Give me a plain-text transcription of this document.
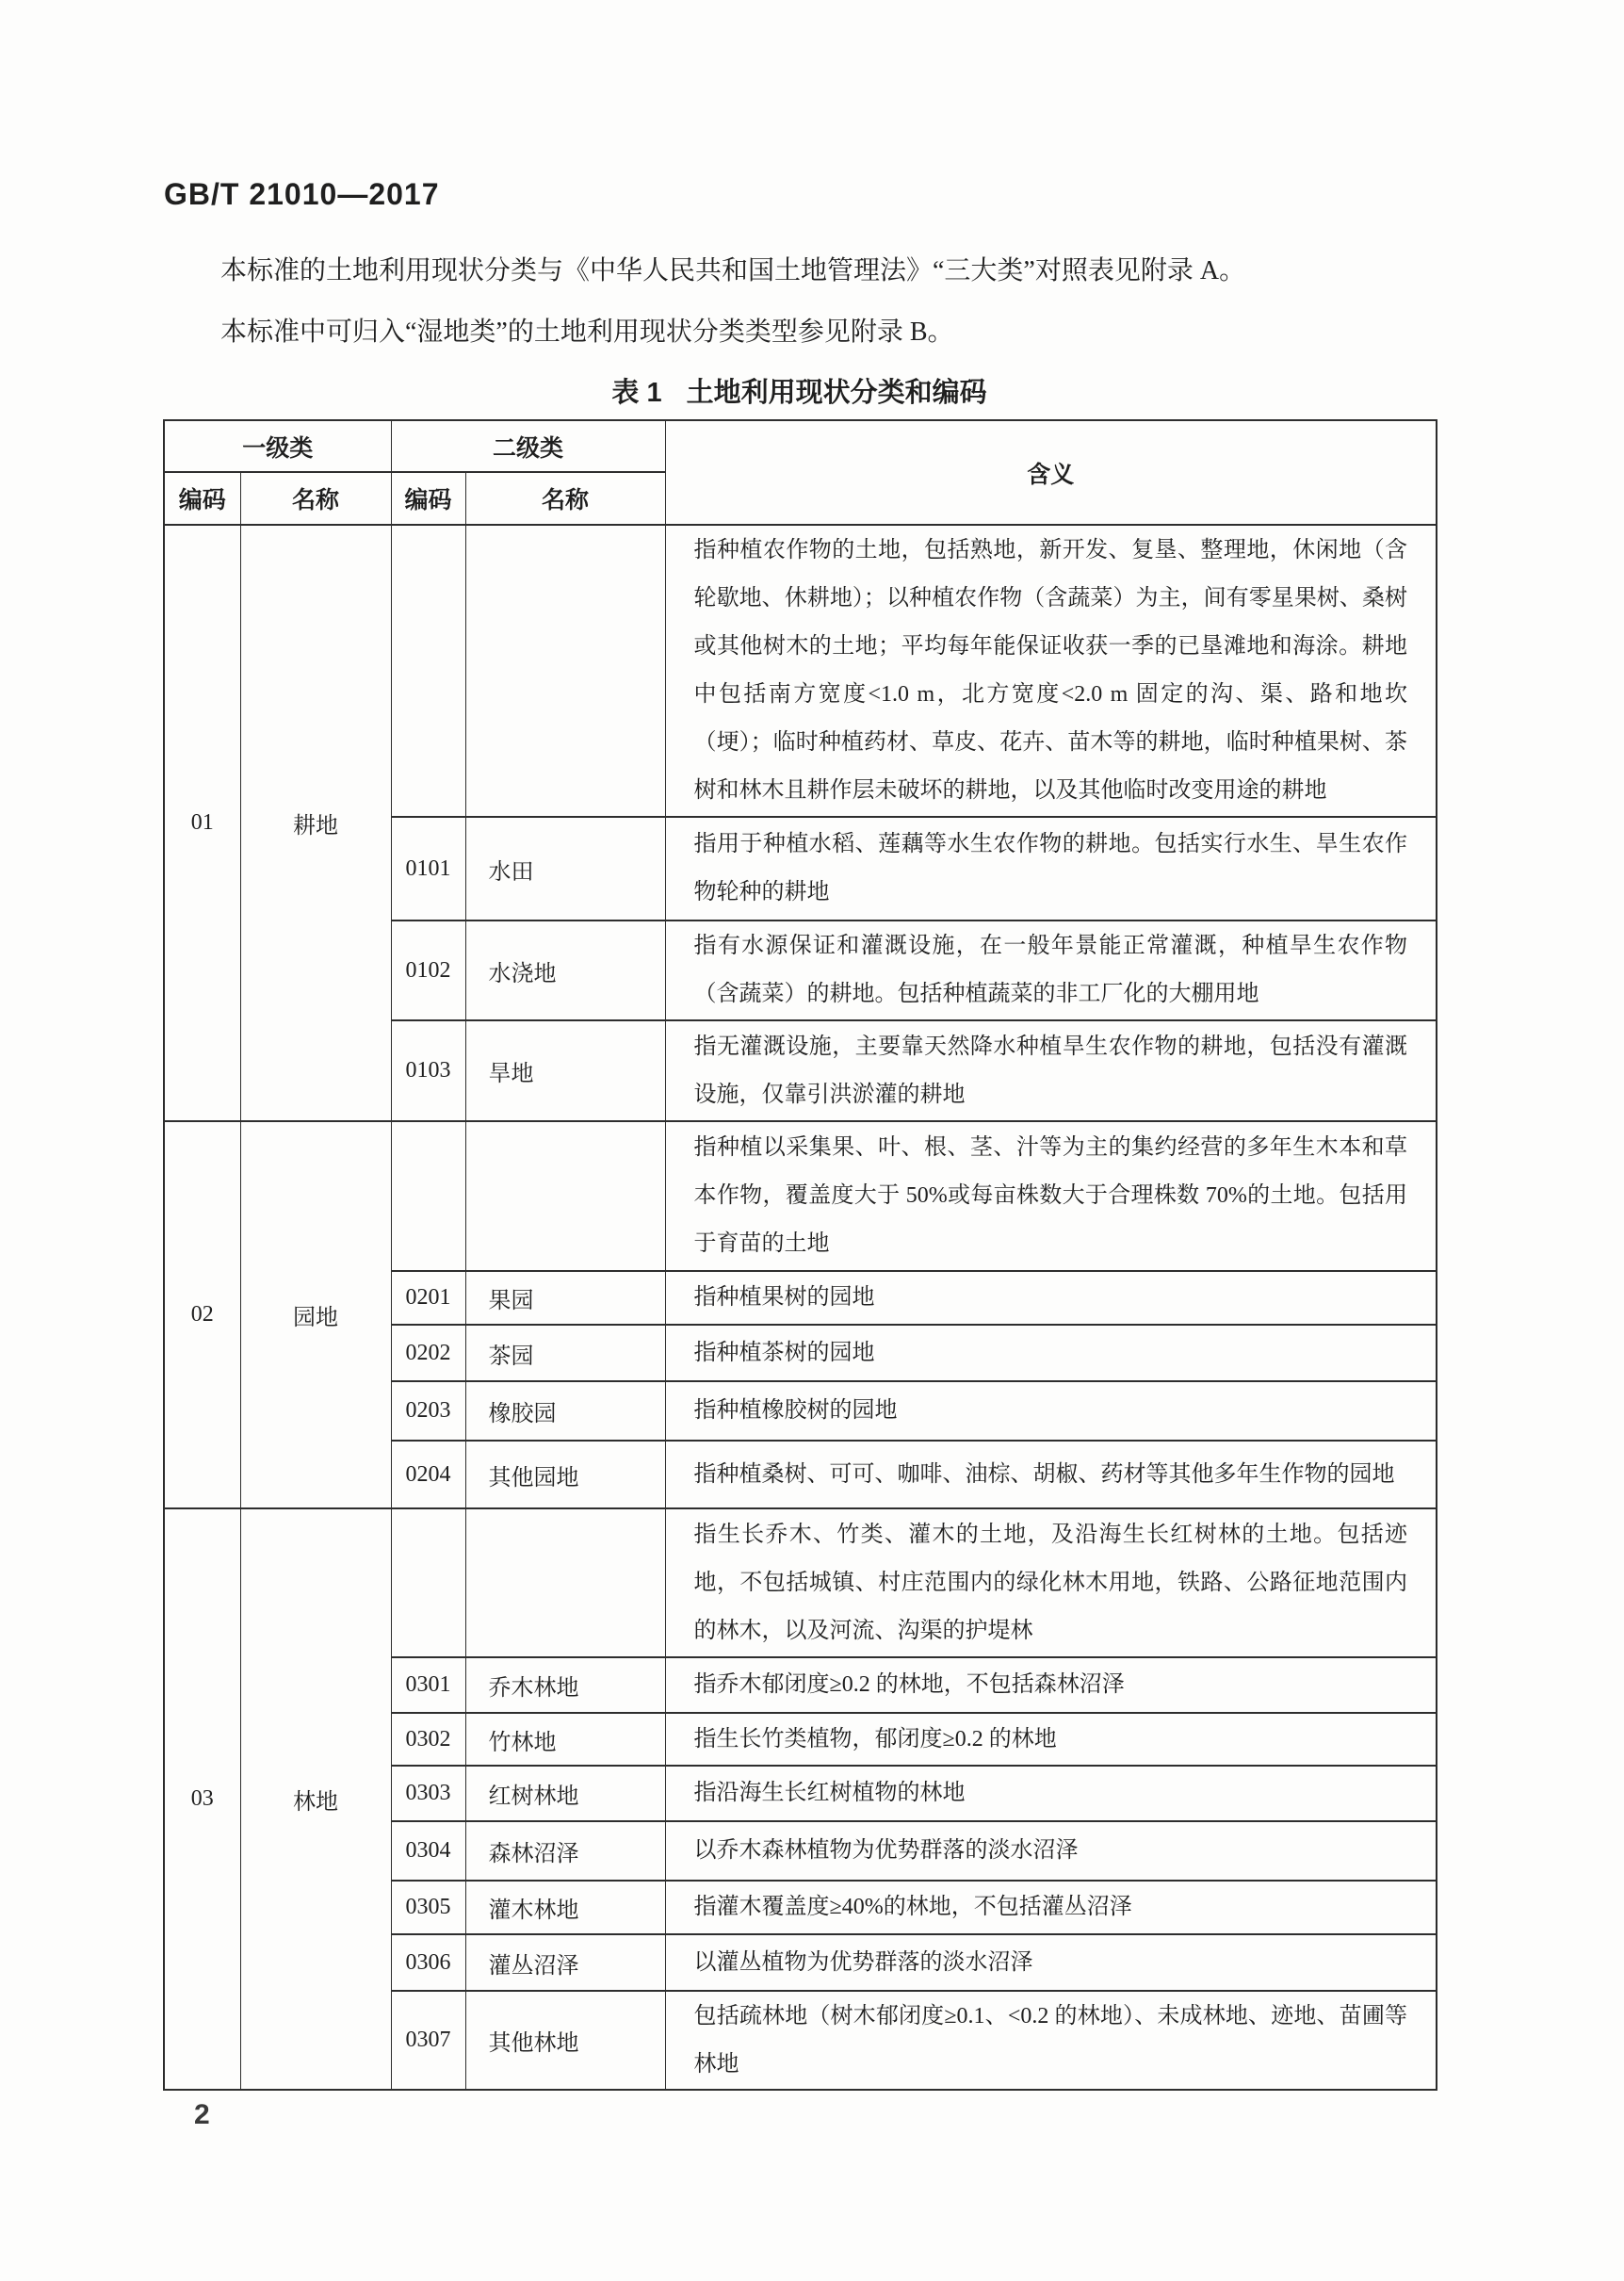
GB/T 21010—2017

本标准的土地利用现状分类与《中华人民共和国土地管理法》“三大类”对照表见附录 A。

本标准中可归入“湿地类”的土地利用现状分类类型参见附录 B。

表 1 土地利用现状分类和编码
一级类		二级类		含义
编码	名称	编码	名称	
01	耕地			指种植农作物的土地，包括熟地，新开发、复垦、整理地，休闲地（含轮歇地、休耕地）；以种植农作物（含蔬菜）为主，间有零星果树、桑树或其他树木的土地；平均每年能保证收获一季的已垦滩地和海涂。耕地中包括南方宽度<1.0 m，北方宽度<2.0 m 固定的沟、渠、路和地坎（埂）；临时种植药材、草皮、花卉、苗木等的耕地，临时种植果树、茶树和林木且耕作层未破坏的耕地，以及其他临时改变用途的耕地
		0101	水田	指用于种植水稻、莲藕等水生农作物的耕地。包括实行水生、旱生农作物轮种的耕地
		0102	水浇地	指有水源保证和灌溉设施，在一般年景能正常灌溉，种植旱生农作物（含蔬菜）的耕地。包括种植蔬菜的非工厂化的大棚用地
		0103	旱地	指无灌溉设施，主要靠天然降水种植旱生农作物的耕地，包括没有灌溉设施，仅靠引洪淤灌的耕地
02	园地			指种植以采集果、叶、根、茎、汁等为主的集约经营的多年生木本和草本作物，覆盖度大于 50%或每亩株数大于合理株数 70%的土地。包括用于育苗的土地
		0201	果园	指种植果树的园地
		0202	茶园	指种植茶树的园地
		0203	橡胶园	指种植橡胶树的园地
		0204	其他园地	指种植桑树、可可、咖啡、油棕、胡椒、药材等其他多年生作物的园地
03	林地			指生长乔木、竹类、灌木的土地，及沿海生长红树林的土地。包括迹地，不包括城镇、村庄范围内的绿化林木用地，铁路、公路征地范围内的林木，以及河流、沟渠的护堤林
		0301	乔木林地	指乔木郁闭度≥0.2 的林地，不包括森林沼泽
		0302	竹林地	指生长竹类植物，郁闭度≥0.2 的林地
		0303	红树林地	指沿海生长红树植物的林地
		0304	森林沼泽	以乔木森林植物为优势群落的淡水沼泽
		0305	灌木林地	指灌木覆盖度≥40%的林地，不包括灌丛沼泽
		0306	灌丛沼泽	以灌丛植物为优势群落的淡水沼泽
		0307	其他林地	包括疏林地（树木郁闭度≥0.1、<0.2 的林地）、未成林地、迹地、苗圃等林地
2
